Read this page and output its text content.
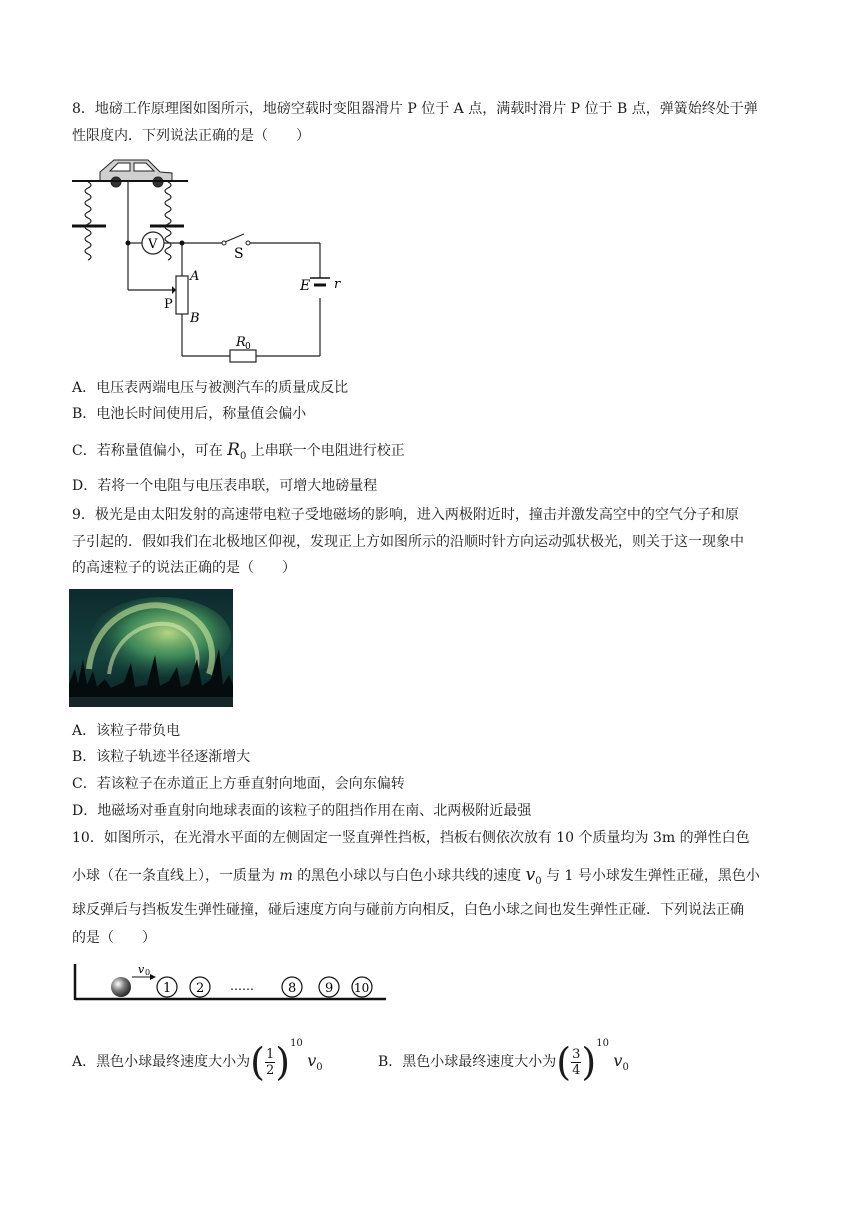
8．地磅工作原理图如图所示，地磅空载时变阻器滑片 P 位于 A 点，满载时滑片 P 位于 B 点，弹簧始终处于弹
性限度内．下列说法正确的是（　　）
V
S
E r
A
B
P
R 0
A．电压表两端电压与被测汽车的质量成反比
B．电池长时间使用后，称量值会偏小
C．若称量值偏小，可在 $R_0$ 上串联一个电阻进行校正
D．若将一个电阻与电压表串联，可增大地磅量程
9．极光是由太阳发射的高速带电粒子受地磁场的影响，进入两极附近时，撞击并激发高空中的空气分子和原
子引起的．假如我们在北极地区仰视，发现正上方如图所示的沿顺时针方向运动弧状极光，则关于这一现象中
的高速粒子的说法正确的是（　　）
A．该粒子带负电
B．该粒子轨迹半径逐渐增大
C．若该粒子在赤道正上方垂直射向地面，会向东偏转
D．地磁场对垂直射向地球表面的该粒子的阻挡作用在南、北两极附近最强
10．如图所示，在光滑水平面的左侧固定一竖直弹性挡板，挡板右侧依次放有 10 个质量均为 3m 的弹性白色
小球（在一条直线上），一质量为 m 的黑色小球以与白色小球共线的速度 $v_0$ 与 1 号小球发生弹性正碰，黑色小
球反弹后与挡板发生弹性碰撞，碰后速度方向与碰前方向相反，白色小球之间也发生弹性正碰．下列说法正确
的是（　　）
v 0
1 2 ……	8 9 10
A．黑色小球最终速度大小为 ( $\frac{1}{2}$ ) 10
$v_0$	B．黑色小球最终速度大小为 ( $\frac{3}{4}$ ) 10
$v_0$
